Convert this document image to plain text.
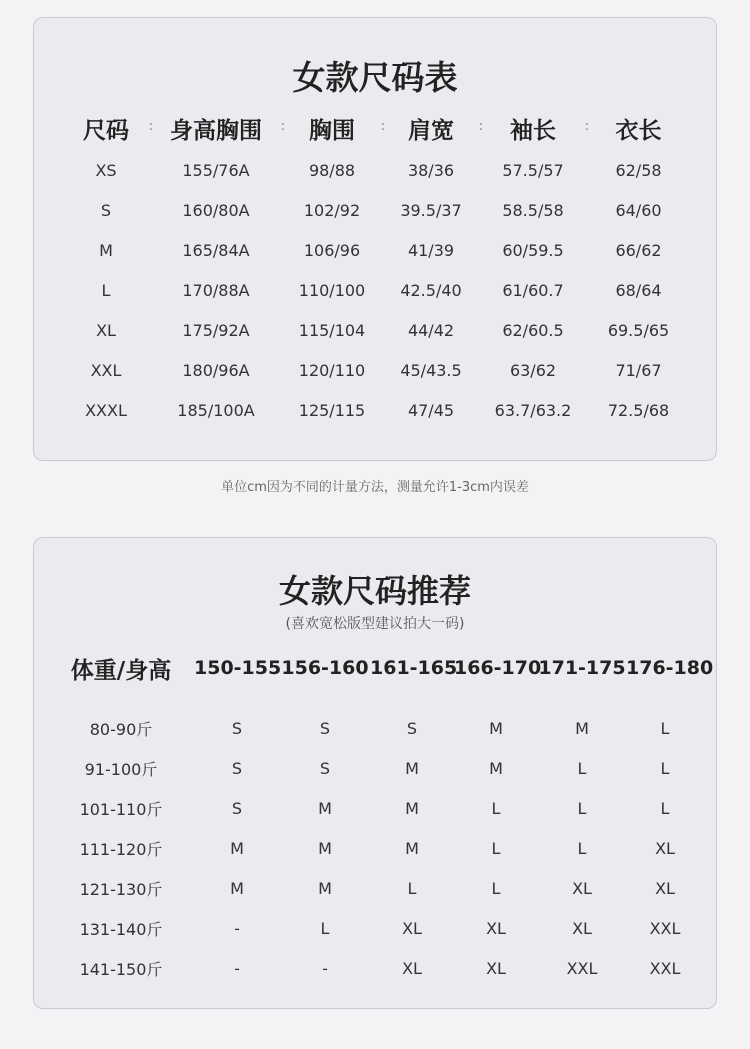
女款尺码表
尺码 :	身高胸围 :	胸围 :	肩宽 :	袖长 :	衣长
XS	155/76A	98/88	38/36	57.5/57	62/58
S	160/80A	102/92	39.5/37	58.5/58	64/60
M	165/84A	106/96	41/39	60/59.5	66/62
L	170/88A	110/100	42.5/40	61/60.7	68/64
XL	175/92A	115/104	44/42	62/60.5	69.5/65
XXL	180/96A	120/110	45/43.5	63/62	71/67
XXXL	185/100A	125/115	47/45	63.7/63.2	72.5/68
单位cm因为不同的计量方法，测量允许1-3cm内误差
女款尺码推荐
(喜欢宽松版型建议拍大一码)
体重/身高	150-155	156-160	161-165	166-170	171-175	176-180

80-90斤	S	S	S	M	M	L
91-100斤	S	S	M	M	L	L
101-110斤	S	M	M	L	L	L
111-120斤	M	M	M	L	L	XL
121-130斤	M	M	L	L	XL	XL
131-140斤	-	L	XL	XL	XL	XXL
141-150斤	-	-	XL	XL	XXL	XXL
